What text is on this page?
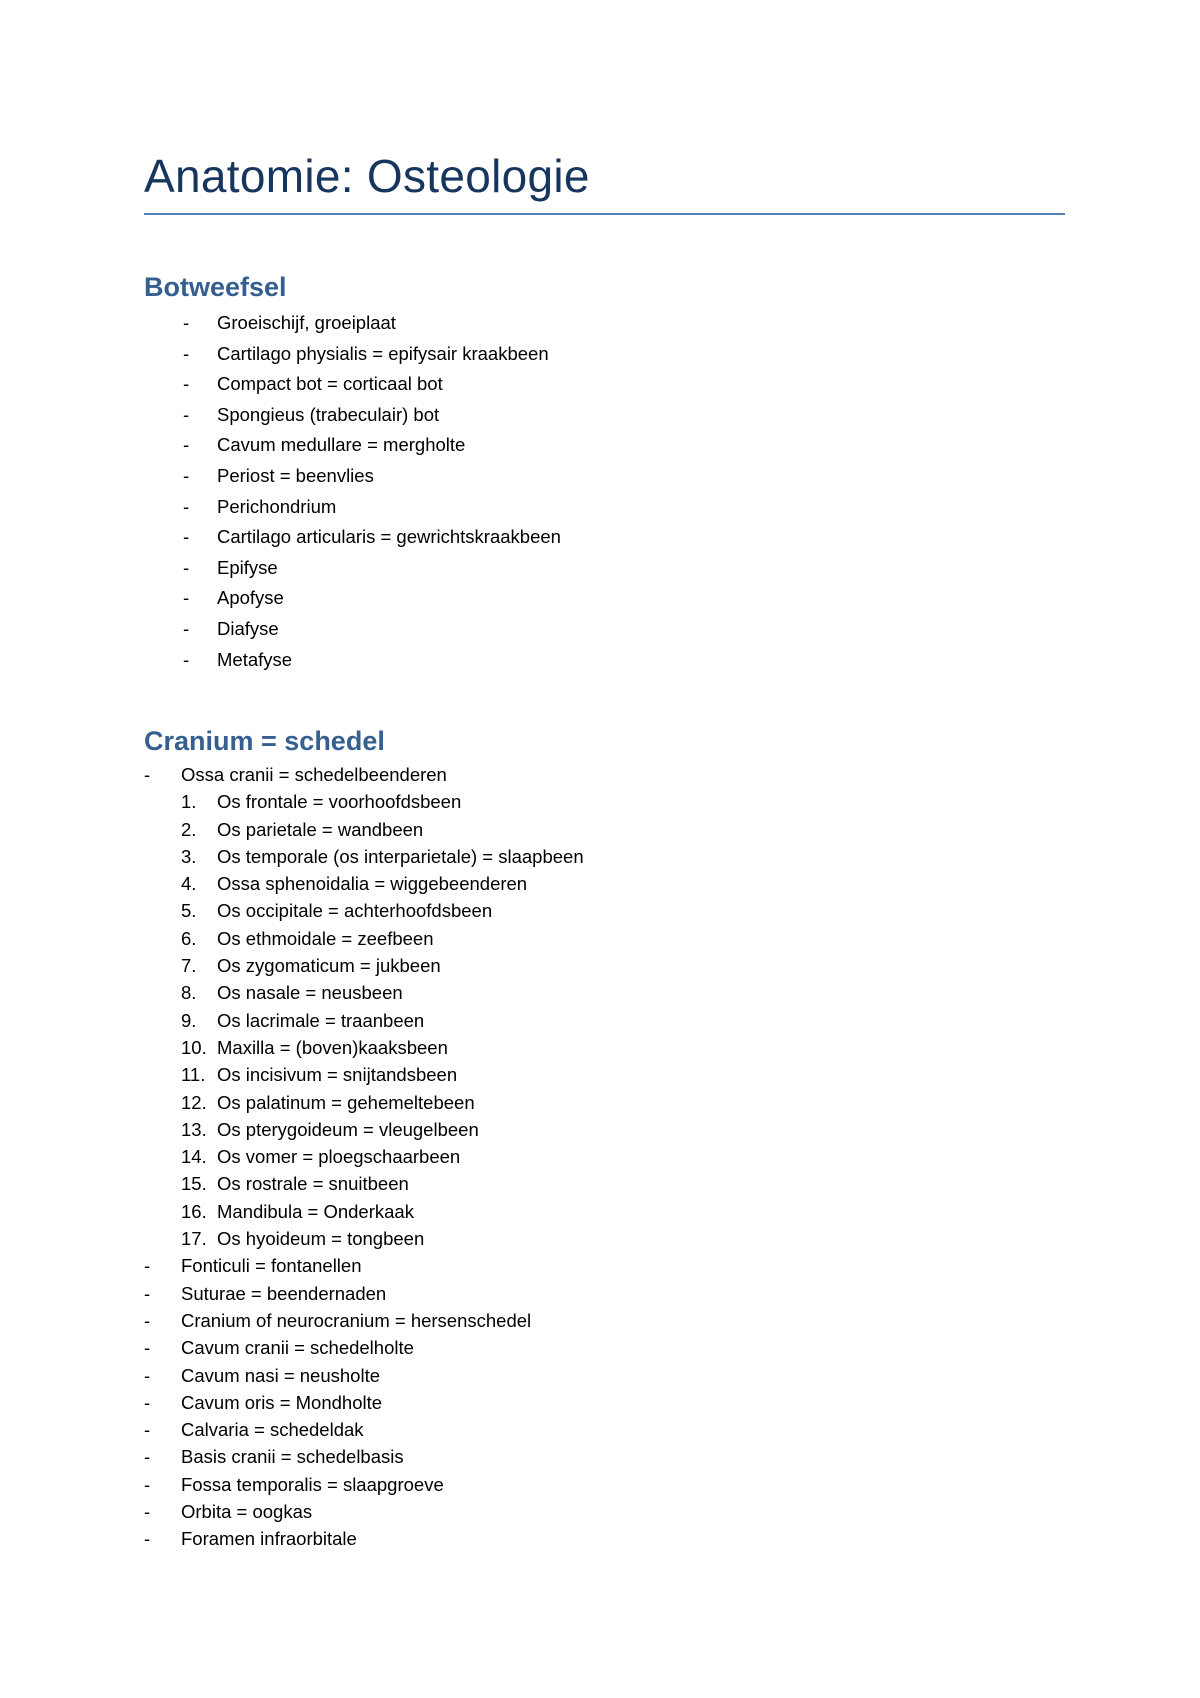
Anatomie: Osteologie
Botweefsel
- Groeischijf, groeiplaat
- Cartilago physialis = epifysair kraakbeen
- Compact bot = corticaal bot
- Spongieus (trabeculair) bot
- Cavum medullare = mergholte
- Periost = beenvlies
- Perichondrium
- Cartilago articularis = gewrichtskraakbeen
- Epifyse
- Apofyse
- Diafyse
- Metafyse
Cranium = schedel
- Ossa cranii = schedelbeenderen
1. Os frontale = voorhoofdsbeen
2. Os parietale = wandbeen
3. Os temporale (os interparietale) = slaapbeen
4. Ossa sphenoidalia = wiggebeenderen
5. Os occipitale = achterhoofdsbeen
6. Os ethmoidale = zeefbeen
7. Os zygomaticum = jukbeen
8. Os nasale = neusbeen
9. Os lacrimale = traanbeen
10. Maxilla = (boven)kaaksbeen
11. Os incisivum = snijtandsbeen
12. Os palatinum = gehemeltebeen
13. Os pterygoideum = vleugelbeen
14. Os vomer = ploegschaarbeen
15. Os rostrale = snuitbeen
16. Mandibula = Onderkaak
17. Os hyoideum = tongbeen
- Fonticuli = fontanellen
- Suturae = beendernaden
- Cranium of neurocranium = hersenschedel
- Cavum cranii = schedelholte
- Cavum nasi = neusholte
- Cavum oris = Mondholte
- Calvaria = schedeldak
- Basis cranii = schedelbasis
- Fossa temporalis = slaapgroeve
- Orbita = oogkas
- Foramen infraorbitale
